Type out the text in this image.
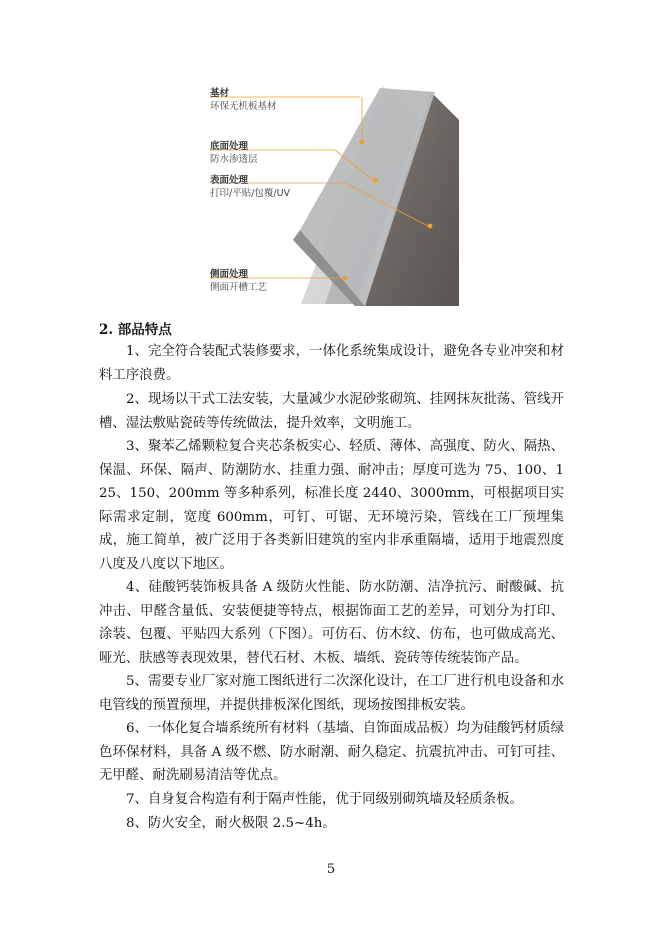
基材
环保无机板基材
底面处理
防水渗透层
表面处理
打印/平贴/包覆/UV
侧面处理
侧面开槽工艺
2. 部品特点

1、完全符合装配式装修要求，一体化系统集成设计，避免各专业冲突和材料工序浪费。

2、现场以干式工法安装，大量减少水泥砂浆砌筑、挂网抹灰批荡、管线开槽、湿法敷贴瓷砖等传统做法，提升效率，文明施工。

3、聚苯乙烯颗粒复合夹芯条板实心、轻质、薄体、高强度、防火、隔热、保温、环保、隔声、防潮防水、挂重力强、耐冲击；厚度可选为 75、100、125、150、200mm 等多种系列，标准长度 2440、3000mm，可根据项目实际需求定制，宽度 600mm，可钉、可锯、无环境污染，管线在工厂预埋集成，施工简单，被广泛用于各类新旧建筑的室内非承重隔墙，适用于地震烈度八度及八度以下地区。

4、硅酸钙装饰板具备 A 级防火性能、防水防潮、洁净抗污、耐酸碱、抗冲击、甲醛含量低、安装便捷等特点，根据饰面工艺的差异，可划分为打印、涂装、包覆、平贴四大系列（下图）。可仿石、仿木纹、仿布，也可做成高光、哑光、肤感等表现效果，替代石材、木板、墙纸、瓷砖等传统装饰产品。

5、需要专业厂家对施工图纸进行二次深化设计，在工厂进行机电设备和水电管线的预置预埋，并提供排板深化图纸，现场按图排板安装。

6、一体化复合墙系统所有材料（基墙、自饰面成品板）均为硅酸钙材质绿色环保材料，具备 A 级不燃、防水耐潮、耐久稳定、抗震抗冲击、可钉可挂、无甲醛、耐洗刷易清洁等优点。

7、自身复合构造有利于隔声性能，优于同级别砌筑墙及轻质条板。

8、防火安全，耐火极限 2.5~4h。

5
